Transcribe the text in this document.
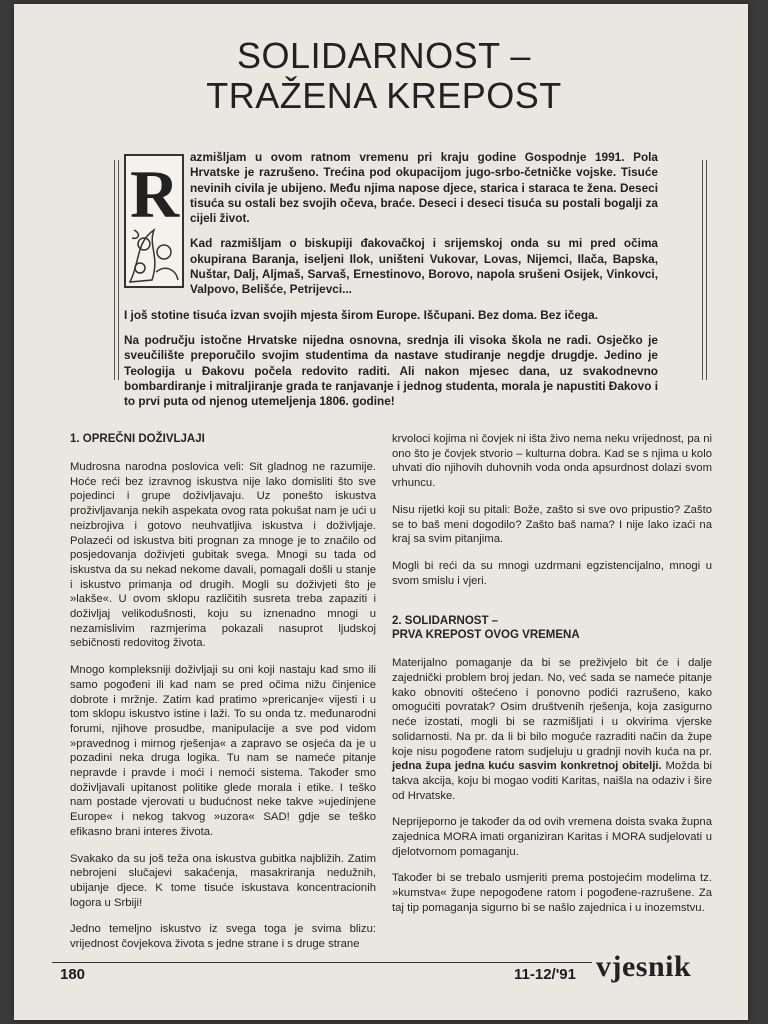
SOLIDARNOST –
TRAŽENA KREPOST
R azmišljam u ovom ratnom vremenu pri kraju godine Gospodnje 1991. Pola Hrvatske je razrušeno. Trećina pod okupacijom jugo-srbo-četničke vojske. Tisuće nevinih civila je ubijeno. Među njima napose djece, starica i staraca te žena. Deseci tisuća su ostali bez svojih očeva, braće. Deseci i deseci tisuća su postali bogalji za cijeli život.

Kad razmišljam o biskupiji đakovačkoj i srijemskoj onda su mi pred očima okupirana Baranja, iseljeni Ilok, uništeni Vukovar, Lovas, Nijemci, Ilača, Bapska, Nuštar, Dalj, Aljmaš, Sarvaš, Ernestinovo, Borovo, napola srušeni Osijek, Vinkovci, Valpovo, Belišće, Petrijevci...

I još stotine tisuća izvan svojih mjesta širom Europe. Iščupani. Bez doma. Bez ičega.

Na području istočne Hrvatske nijedna osnovna, srednja ili visoka škola ne radi. Osječko je sveučilište preporučilo svojim studentima da nastave studiranje negdje drugdje. Jedino je Teologija u Đakovu počela redovito raditi. Ali nakon mjesec dana, uz svakodnevno bombardiranje i mitraljiranje grada te ranjavanje i jednog studenta, morala je napustiti Đakovo i to prvi puta od njenog utemeljenja 1806. godine!

1. OPREČNI DOŽIVLJAJI

Mudrosna narodna poslovica veli: Sit gladnog ne razumije. Hoće reći bez izravnog iskustva nije lako domisliti što sve pojedinci i grupe doživljavaju. Uz ponešto iskustva proživljavanja nekih aspekata ovog rata pokušat nam je ući u neizbrojiva i gotovo neuhvatljiva iskustva i doživljaje. Polazeći od iskustva biti prognan za mnoge je to značilo od posjedovanja doživjeti gubitak svega. Mnogi su tada od iskustva da su nekad nekome davali, pomagali došli u stanje i iskustvo primanja od drugih. Mogli su doživjeti što je »lakše«. U ovom sklopu različitih susreta treba zapaziti i doživljaj velikodušnosti, koju su iznenadno mnogi u nezamislivim razmjerima pokazali nasuprot ljudskoj sebičnosti redovitog života.

Mnogo kompleksniji doživljaji su oni koji nastaju kad smo ili samo pogođeni ili kad nam se pred očima nižu činjenice dobrote i mržnje. Zatim kad pratimo »prericanje« vijesti i u tom sklopu iskustvo istine i laži. To su onda tz. međunarodni forumi, njihove prosudbe, manipulacije a sve pod vidom »pravednog i mirnog rješenja« a zapravo se osjeća da je u pozadini neka druga logika. Tu nam se nameće pitanje nepravde i pravde i moći i nemoći sistema. Također smo doživljavali upitanost politike glede morala i etike. I teško nam postade vjerovati u budućnost neke takve »ujedinjene Europe« i nekog takvog »uzora« SAD! gdje se teško efikasno brani interes života.

Svakako da su još teža ona iskustva gubitka najbližih. Zatim nebrojeni slučajevi sakaćenja, masakriranja nedužnih, ubijanje djece. K tome tisuće iskustava koncentracionih logora u Srbiji!

Jedno temeljno iskustvo iz svega toga je svima blizu: vrijednost čovjekova života s jedne strane i s druge strane

krvoloci kojima ni čovjek ni išta živo nema neku vrijednost, pa ni ono što je čovjek stvorio – kulturna dobra. Kad se s njima u kolo uhvati dio njihovih duhovnih voda onda apsurdnost dolazi svom vrhuncu.

Nisu rijetki koji su pitali: Bože, zašto si sve ovo pripustio? Zašto se to baš meni dogodilo? Zašto baš nama? I nije lako izaći na kraj sa svim pitanjima.

Mogli bi reći da su mnogi uzdrmani egzistencijalno, mnogi u svom smislu i vjeri.

2. SOLIDARNOST –
PRVA KREPOST OVOG VREMENA

Materijalno pomaganje da bi se preživjelo bit će i dalje zajednički problem broj jedan. No, već sada se nameće pitanje kako obnoviti oštećeno i ponovno podići razrušeno, kako omogućiti povratak? Osim društvenih rješenja, koja zasigurno neće izostati, mogli bi se razmišljati i u okvirima vjerske solidarnosti. Na pr. da li bi bilo moguće razraditi način da župe koje nisu pogođene ratom sudjeluju u gradnji novih kuća na pr. jedna župa jedna kuću sasvim konkretnoj obitelji. Možda bi takva akcija, koju bi mogao voditi Karitas, naišla na odaziv i šire od Hrvatske.

Neprijeporno je također da od ovih vremena doista svaka župna zajednica MORA imati organiziran Karitas i MORA sudjelovati u djelotvornom pomaganju.

Također bi se trebalo usmjeriti prema postojećim modelima tz. »kumstva« župe nepogođene ratom i pogođene-razrušene. Za taj tip pomaganja sigurno bi se našlo zajednica i u inozemstvu.

180	11-12/'91 vjesnik
